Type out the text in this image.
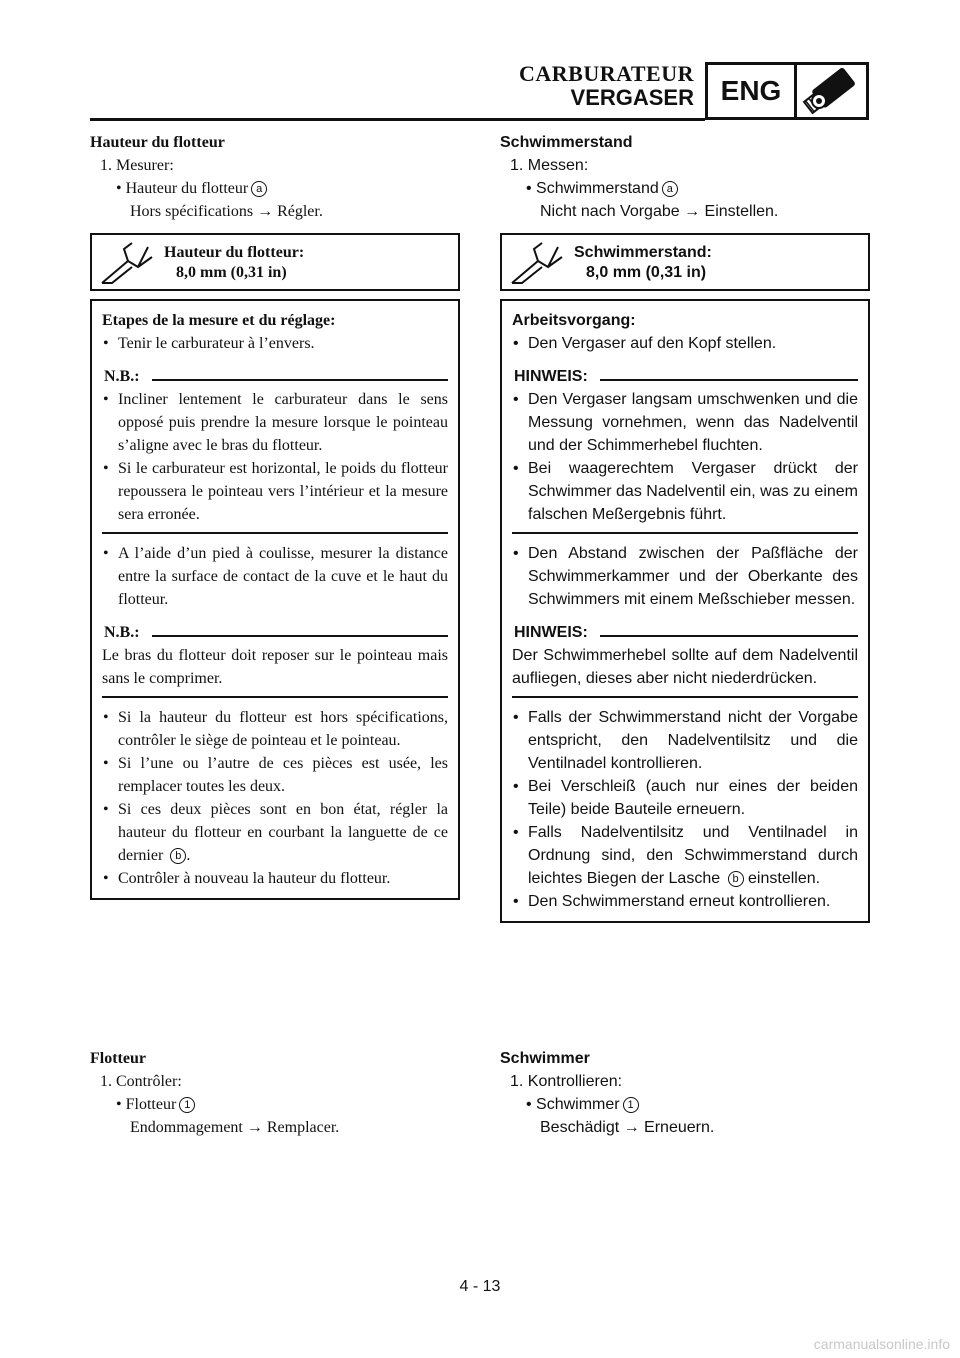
CARBURATEUR
VERGASER ENG
Hauteur du flotteur
1. Mesurer:
• Hauteur du flotteur a
Hors spécifications → Régler.
Hauteur du flotteur:
8,0 mm (0,31 in)
Etapes de la mesure et du réglage:
• Tenir le carburateur à l’envers.
N.B.:
• Incliner lentement le carburateur dans le sens opposé puis prendre la mesure lorsque le pointeau s’aligne avec le bras du flotteur.
• Si le carburateur est horizontal, le poids du flotteur repoussera le pointeau vers l’intérieur et la mesure sera erronée.
• A l’aide d’un pied à coulisse, mesurer la distance entre la surface de contact de la cuve et le haut du flotteur.
N.B.:
Le bras du flotteur doit reposer sur le pointeau mais sans le comprimer.
• Si la hauteur du flotteur est hors spécifications, contrôler le siège de pointeau et le pointeau.
• Si l’une ou l’autre de ces pièces est usée, les remplacer toutes les deux.
• Si ces deux pièces sont en bon état, régler la hauteur du flotteur en courbant la languette de ce dernier b .
• Contrôler à nouveau la hauteur du flotteur.
Schwimmerstand
1. Messen:
• Schwimmerstand a
Nicht nach Vorgabe → Einstellen.
Schwimmerstand:
8,0 mm (0,31 in)
Arbeitsvorgang:
• Den Vergaser auf den Kopf stellen.
HINWEIS:
• Den Vergaser langsam umschwenken und die Messung vornehmen, wenn das Nadelventil und der Schimmerhebel fluchten.
• Bei waagerechtem Vergaser drückt der Schwimmer das Nadelventil ein, was zu einem falschen Meßergebnis führt.
• Den Abstand zwischen der Paßfläche der Schwimmerkammer und der Oberkante des Schwimmers mit einem Meßschieber messen.
HINWEIS:
Der Schwimmerhebel sollte auf dem Nadelventil aufliegen, dieses aber nicht niederdrücken.
• Falls der Schwimmerstand nicht der Vorgabe entspricht, den Nadelventilsitz und die Ventilnadel kontrollieren.
• Bei Verschleiß (auch nur eines der beiden Teile) beide Bauteile erneuern.
• Falls Nadelventilsitz und Ventilnadel in Ordnung sind, den Schwimmerstand durch leichtes Biegen der Lasche b einstellen.
• Den Schwimmerstand erneut kontrollieren.
Flotteur
1. Contrôler:
• Flotteur 1
Endommagement → Remplacer.
Schwimmer
1. Kontrollieren:
• Schwimmer 1
Beschädigt → Erneuern.
4 - 13
carmanualsonline.info
